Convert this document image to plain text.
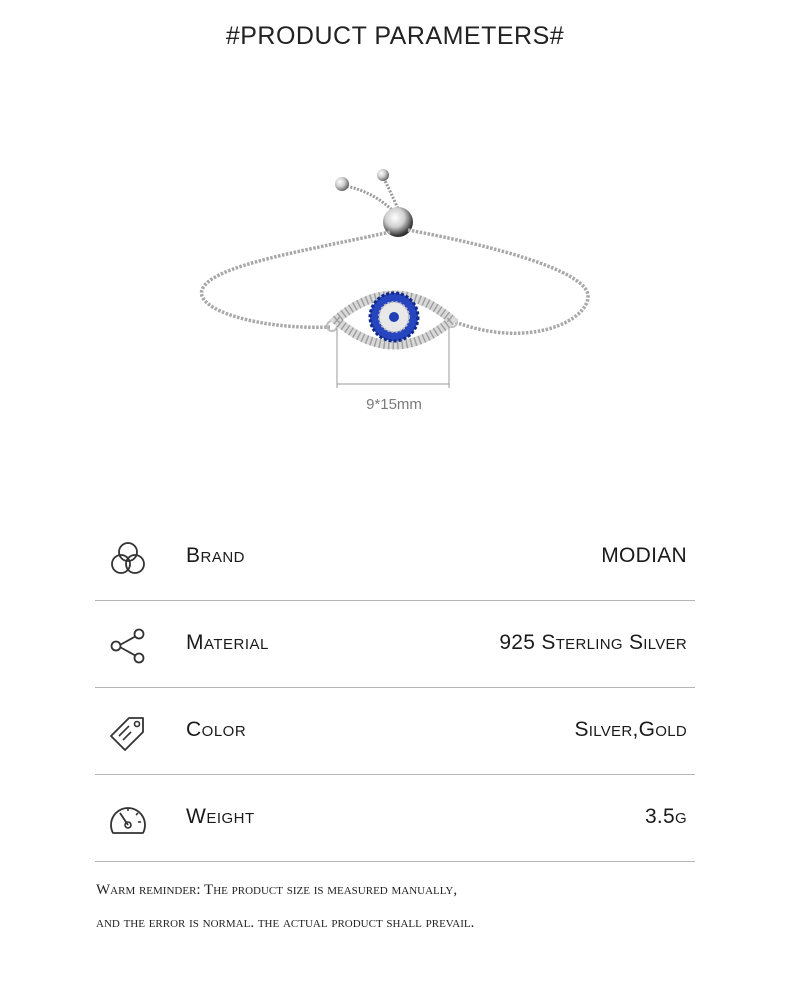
#PRODUCT PARAMETERS#
9*15mm
Brand	MODIAN
Material	925 Sterling Silver
Color	Silver,Gold
Weight	3.5g
Warm reminder: The product size is measured manually,
and the error is normal. the actual product shall prevail.
